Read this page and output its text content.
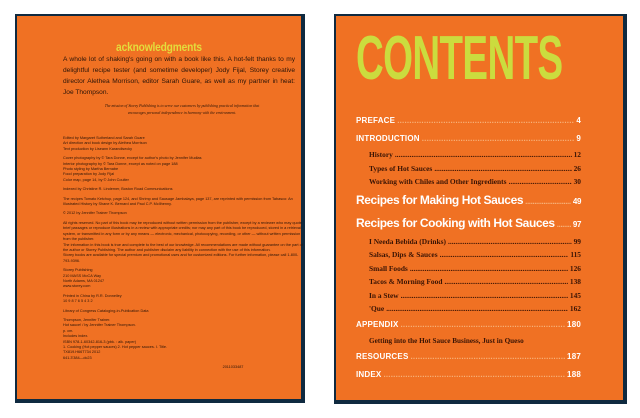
acknowledgments
A whole lot of shaking's going on with a book like this. A hot-felt thanks to my delightful recipe tester (and sometime developer) Jody Fijal, Storey creative director Alethea Morrison, editor Sarah Guare, as well as my partner in heat: Joe Thompson.
The mission of Storey Publishing is to serve our customers by publishing practical information that encourages personal independence in harmony with the environment.

Edited by Margaret Sutherland and Sarah Guare
Art direction and book design by Alethea Morrison
Text production by Liseann Karandisecky

Cover photography by © Tara Donne, except for author's photo by Jennifer Mudlas
Interior photography by © Tara Donne, except as noted on page 188
Photo styling by Martha Bernabe
Food preparation by Jody Fijal
Color map, page 14, by © John Coulter

Indexed by Christine R. Lindemer, Boston Road Communications

The recipes Tomato Ketchup, page 124, and Shrimp and Sausage Jambalaya, page 137, are reprinted with permission from Tabasco: An Illustrated History by Shane K. Bernard and Paul C.P. McIlhenny.

© 2012 by Jennifer Trainer Thompson

All rights reserved. No part of this book may be reproduced without written permission from the publisher, except by a reviewer who may quote brief passages or reproduce illustrations in a review with appropriate credits; nor may any part of this book be reproduced, stored in a retrieval system, or transmitted in any form or by any means — electronic, mechanical, photocopying, recording, or other — without written permission from the publisher.
The information in this book is true and complete to the best of our knowledge. All recommendations are made without guarantee on the part of the author or Storey Publishing. The author and publisher disclaim any liability in connection with the use of this information.
Storey books are available for special premium and promotional uses and for customized editions. For further information, please call 1-800-793-9396.

Storey Publishing
210 MASS MoCA Way
North Adams, MA 01247
www.storey.com

Printed in China by R.R. Donnelley
10 9 8 7 6 5 4 3 2

Library of Congress Cataloging-in-Publication Data

Thompson, Jennifer Trainer.
Hot sauce! / by Jennifer Trainer Thompson.
p. cm.
Includes index.
ISBN 978-1-60342-816-3 (pbk. : alk. paper)
1. Cooking (Hot pepper sauces) 2. Hot pepper sauces. I. Title.
TX819.H66T734 2012
641.3'384—dc23

2011033487

CONTENTS
PREFACE .....	4
INTRODUCTION .....	9
History .....	12
Types of Hot Sauces .....	26
Working with Chiles and Other Ingredients .....	30
Recipes for Making Hot Sauces .....	49
Recipes for Cooking with Hot Sauces ..... 97
I Needa Bebida (Drinks) .....	99
Salsas, Dips & Sauces .....	115
Small Foods .....	126
Tacos & Morning Food .....	138
In a Stew .....	145
'Que .....	162
APPENDIX .....	180
Getting into the Hot Sauce Business, Just in Queso
RESOURCES .....	187
INDEX .....	188
